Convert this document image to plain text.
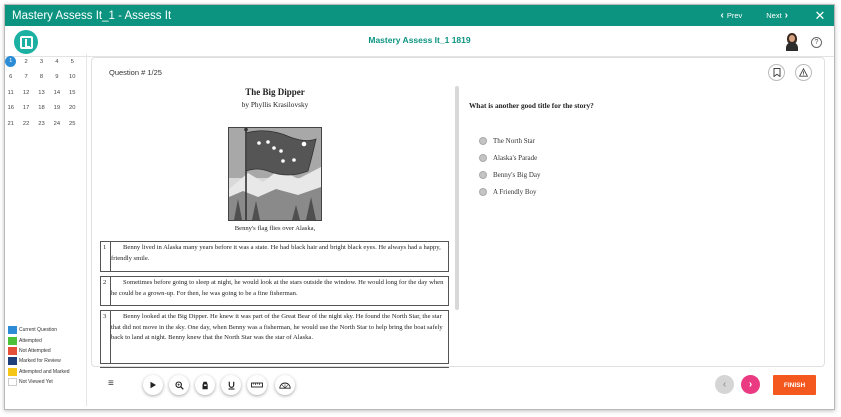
Mastery Assess It_1 - Assess It	‹ Prev	Next ›	✕
Mastery Assess It_1 1819	?
1	2	3	4	5
6	7	8	9	10
11	12	13	14	15
16	17	18	19	20
21	22	23	24	25
Current Question
Attempted
Not Attempted
Marked for Review
Attempted and Marked
Not Viewed Yet
Question # 1/25
The Big Dipper
by Phyllis Krasilovsky
Benny's flag flies over Alaska,
1	Benny lived in Alaska many years before it was a state. He had black hair and bright black eyes. He always had a happy, friendly smile.
2	Sometimes before going to sleep at night, he would look at the stars outside the window. He would long for the day when he could be a grown-up. For then, he was going to be a fine fisherman.
3	Benny looked at the Big Dipper. He knew it was part of the Great Bear of the night sky. He found the North Star, the star that did not move in the sky. One day, when Benny was a fisherman, he would use the North Star to help bring the boat safely back to land at night. Benny knew that the North Star was the star of Alaska.
What is another good title for the story?
The North Star
Alaska's Parade
Benny's Big Day
A Friendly Boy
≡	‹ ›	FINISH
